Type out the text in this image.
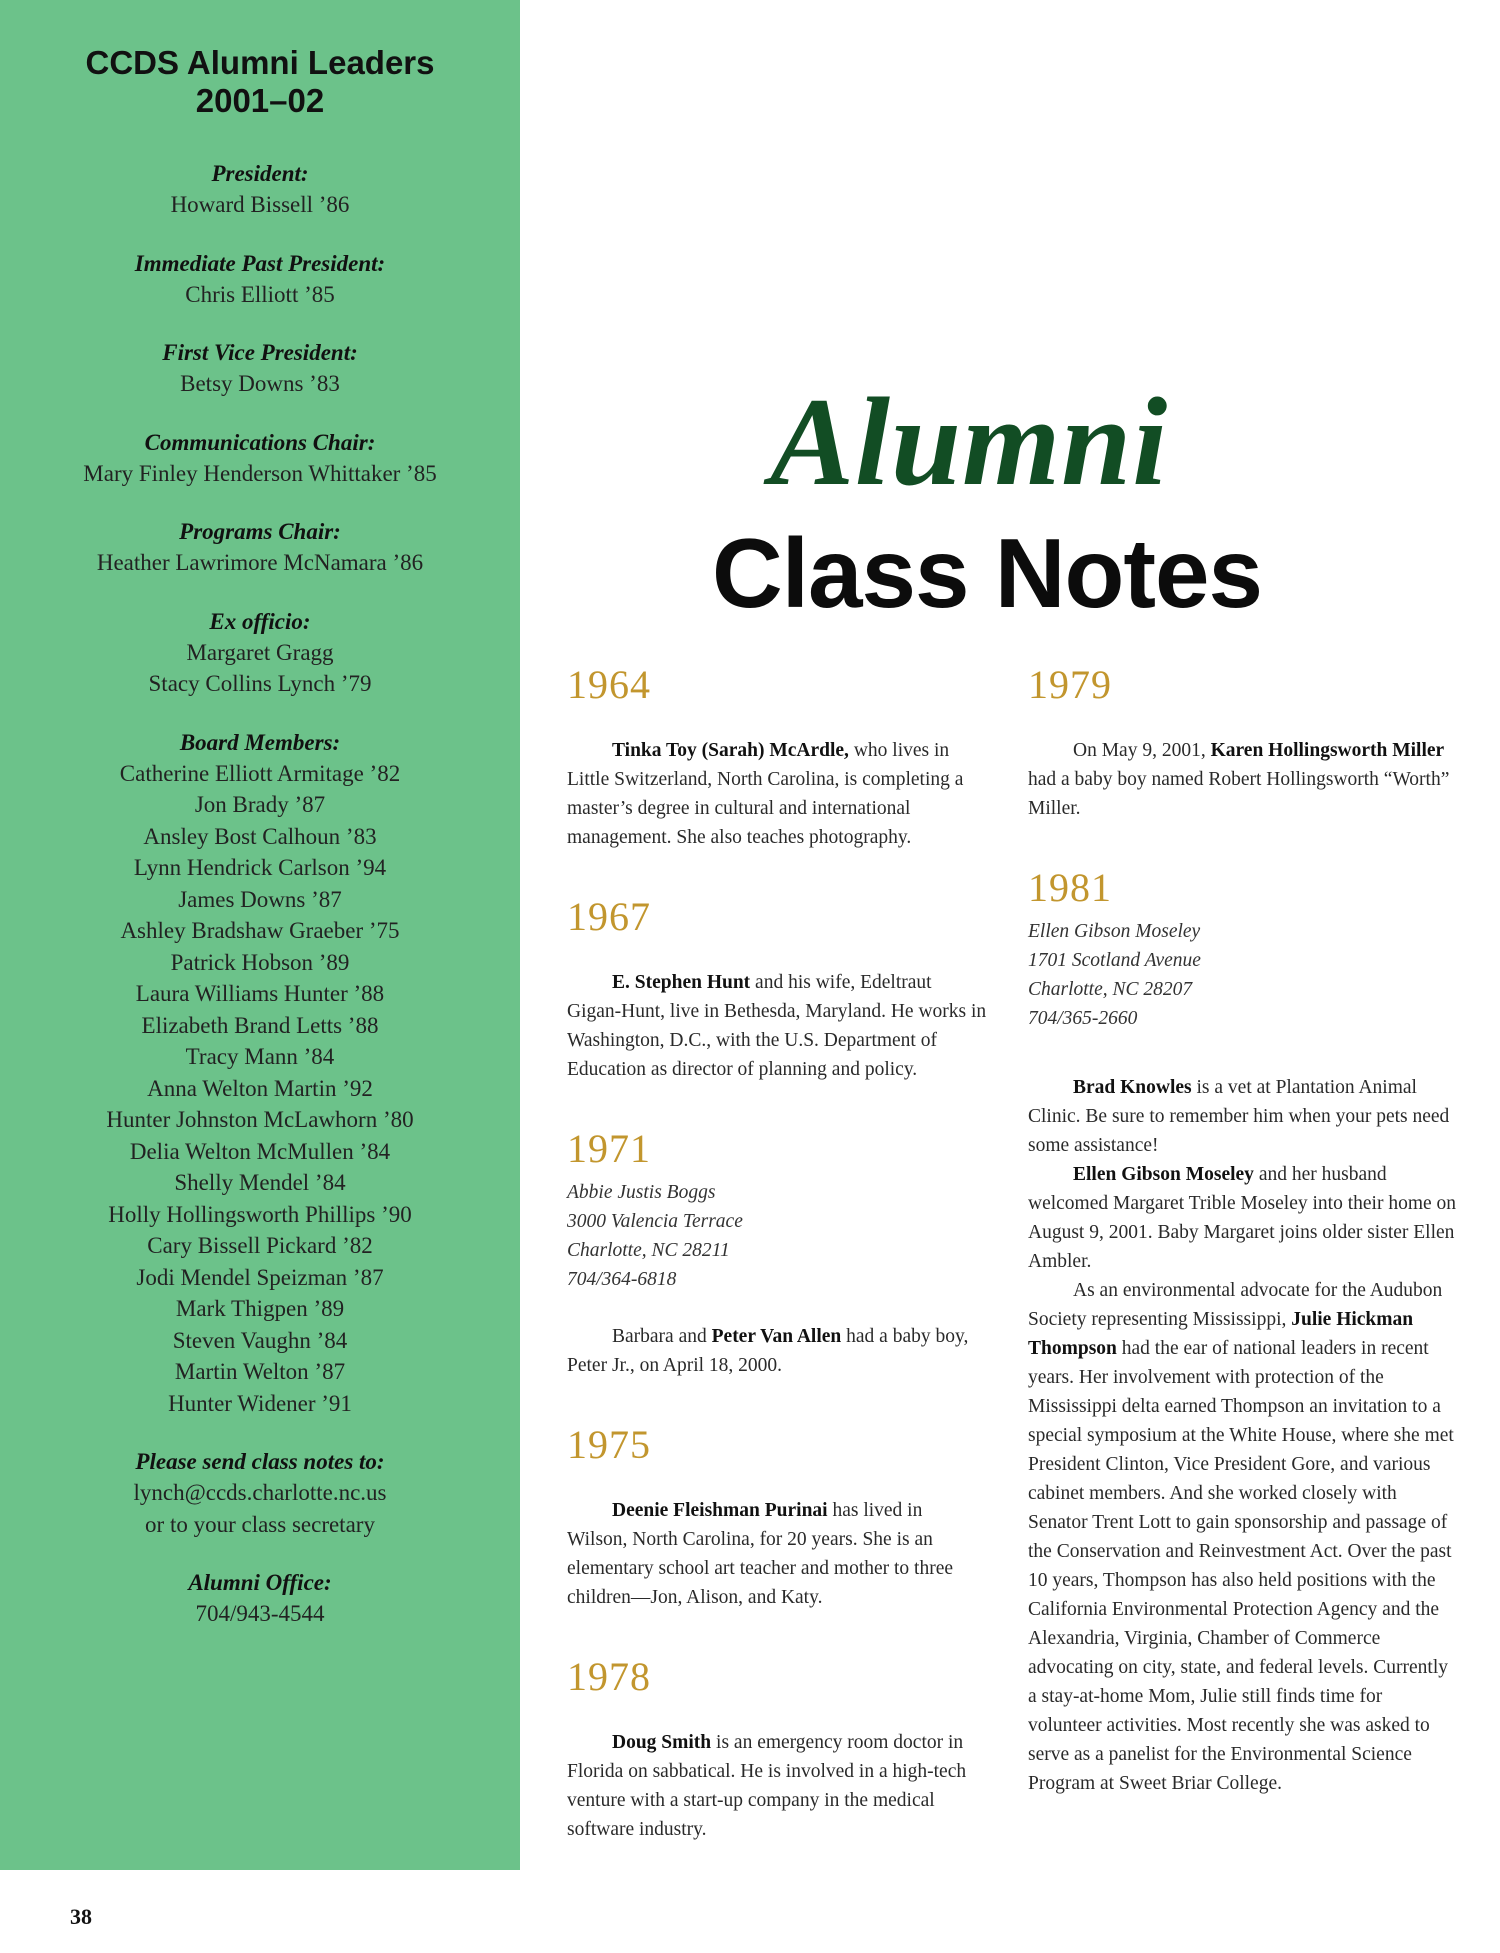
CCDS Alumni Leaders
2001–02
President:
Howard Bissell ’86
Immediate Past President:
Chris Elliott ’85
First Vice President:
Betsy Downs ’83
Communications Chair:
Mary Finley Henderson Whittaker ’85
Programs Chair:
Heather Lawrimore McNamara ’86
Ex officio:
Margaret Gragg
Stacy Collins Lynch ’79
Board Members:
Catherine Elliott Armitage ’82
Jon Brady ’87
Ansley Bost Calhoun ’83
Lynn Hendrick Carlson ’94
James Downs ’87
Ashley Bradshaw Graeber ’75
Patrick Hobson ’89
Laura Williams Hunter ’88
Elizabeth Brand Letts ’88
Tracy Mann ’84
Anna Welton Martin ’92
Hunter Johnston McLawhorn ’80
Delia Welton McMullen ’84
Shelly Mendel ’84
Holly Hollingsworth Phillips ’90
Cary Bissell Pickard ’82
Jodi Mendel Speizman ’87
Mark Thigpen ’89
Steven Vaughn ’84
Martin Welton ’87
Hunter Widener ’91
Please send class notes to:
lynch@ccds.charlotte.nc.us
or to your class secretary
Alumni Office:
704/943-4544
38
Alumni
Class Notes
1964

Tinka Toy (Sarah) McArdle, who lives in Little Switzerland, North Carolina, is completing a master’s degree in cultural and international management. She also teaches photography.

1967

E. Stephen Hunt and his wife, Edeltraut Gigan-Hunt, live in Bethesda, Maryland. He works in Washington, D.C., with the U.S. Department of Education as director of planning and policy.

1971
Abbie Justis Boggs
3000 Valencia Terrace
Charlotte, NC 28211
704/364-6818

Barbara and Peter Van Allen had a baby boy, Peter Jr., on April 18, 2000.

1975

Deenie Fleishman Purinai has lived in Wilson, North Carolina, for 20 years. She is an elementary school art teacher and mother to three children—Jon, Alison, and Katy.

1978

Doug Smith is an emergency room doctor in Florida on sabbatical. He is involved in a high-tech venture with a start-up company in the medical software industry.

1979

On May 9, 2001, Karen Hollingsworth Miller had a baby boy named Robert Hollingsworth “Worth” Miller.

1981
Ellen Gibson Moseley
1701 Scotland Avenue
Charlotte, NC 28207
704/365-2660

Brad Knowles is a vet at Plantation Animal Clinic. Be sure to remember him when your pets need some assistance!

Ellen Gibson Moseley and her husband welcomed Margaret Trible Moseley into their home on August 9, 2001. Baby Margaret joins older sister Ellen Ambler.

As an environmental advocate for the Audubon Society representing Mississippi, Julie Hickman Thompson had the ear of national leaders in recent years. Her involvement with protection of the Mississippi delta earned Thompson an invitation to a special symposium at the White House, where she met President Clinton, Vice President Gore, and various cabinet members. And she worked closely with Senator Trent Lott to gain sponsorship and passage of the Conservation and Reinvestment Act. Over the past 10 years, Thompson has also held positions with the California Environmental Protection Agency and the Alexandria, Virginia, Chamber of Commerce advocating on city, state, and federal levels. Currently a stay-at-home Mom, Julie still finds time for volunteer activities. Most recently she was asked to serve as a panelist for the Environmental Science Program at Sweet Briar College.
